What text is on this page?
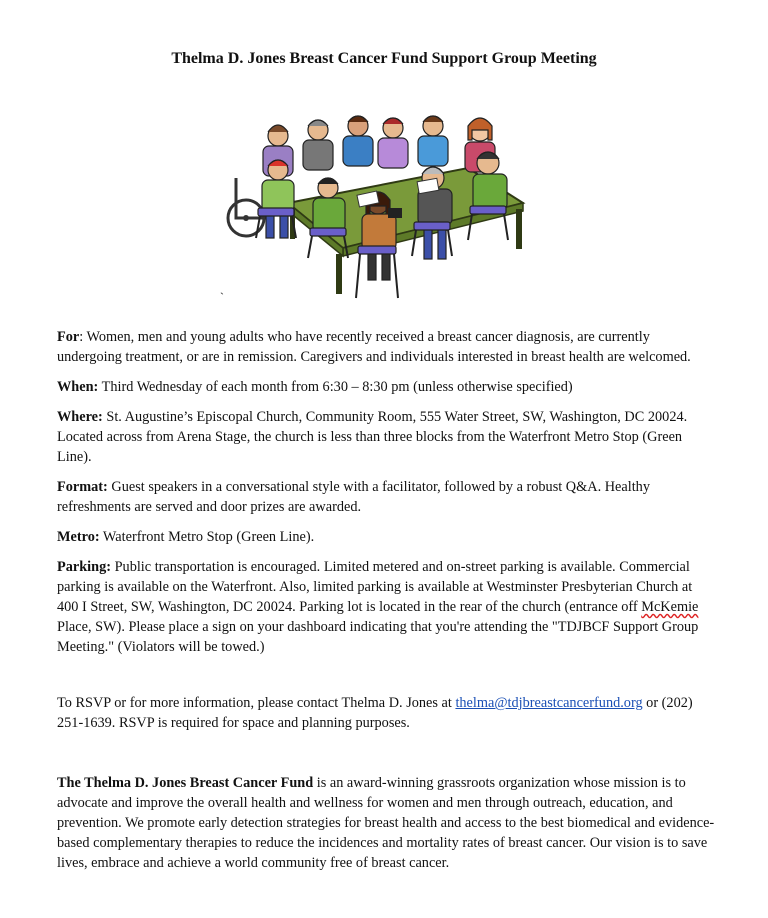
Thelma D. Jones Breast Cancer Fund Support Group Meeting
`

For: Women, men and young adults who have recently received a breast cancer diagnosis, are currently undergoing treatment, or are in remission. Caregivers and individuals interested in breast health are welcomed.

When: Third Wednesday of each month from 6:30 – 8:30 pm (unless otherwise specified)

Where: St. Augustine’s Episcopal Church, Community Room, 555 Water Street, SW, Washington, DC 20024. Located across from Arena Stage, the church is less than three blocks from the Waterfront Metro Stop (Green Line).

Format: Guest speakers in a conversational style with a facilitator, followed by a robust Q&A. Healthy refreshments are served and door prizes are awarded.

Metro: Waterfront Metro Stop (Green Line).

Parking: Public transportation is encouraged. Limited metered and on-street parking is available. Commercial parking is available on the Waterfront. Also, limited parking is available at Westminster Presbyterian Church at 400 I Street, SW, Washington, DC 20024. Parking lot is located in the rear of the church (entrance off McKemie Place, SW). Please place a sign on your dashboard indicating that you're attending the "TDJBCF Support Group Meeting." (Violators will be towed.)

To RSVP or for more information, please contact Thelma D. Jones at thelma@tdjbreastcancerfund.org or (202) 251-1639. RSVP is required for space and planning purposes.

The Thelma D. Jones Breast Cancer Fund is an award-winning grassroots organization whose mission is to advocate and improve the overall health and wellness for women and men through outreach, education, and prevention. We promote early detection strategies for breast health and access to the best biomedical and evidence-based complementary therapies to reduce the incidences and mortality rates of breast cancer. Our vision is to save lives, embrace and achieve a world community free of breast cancer.
